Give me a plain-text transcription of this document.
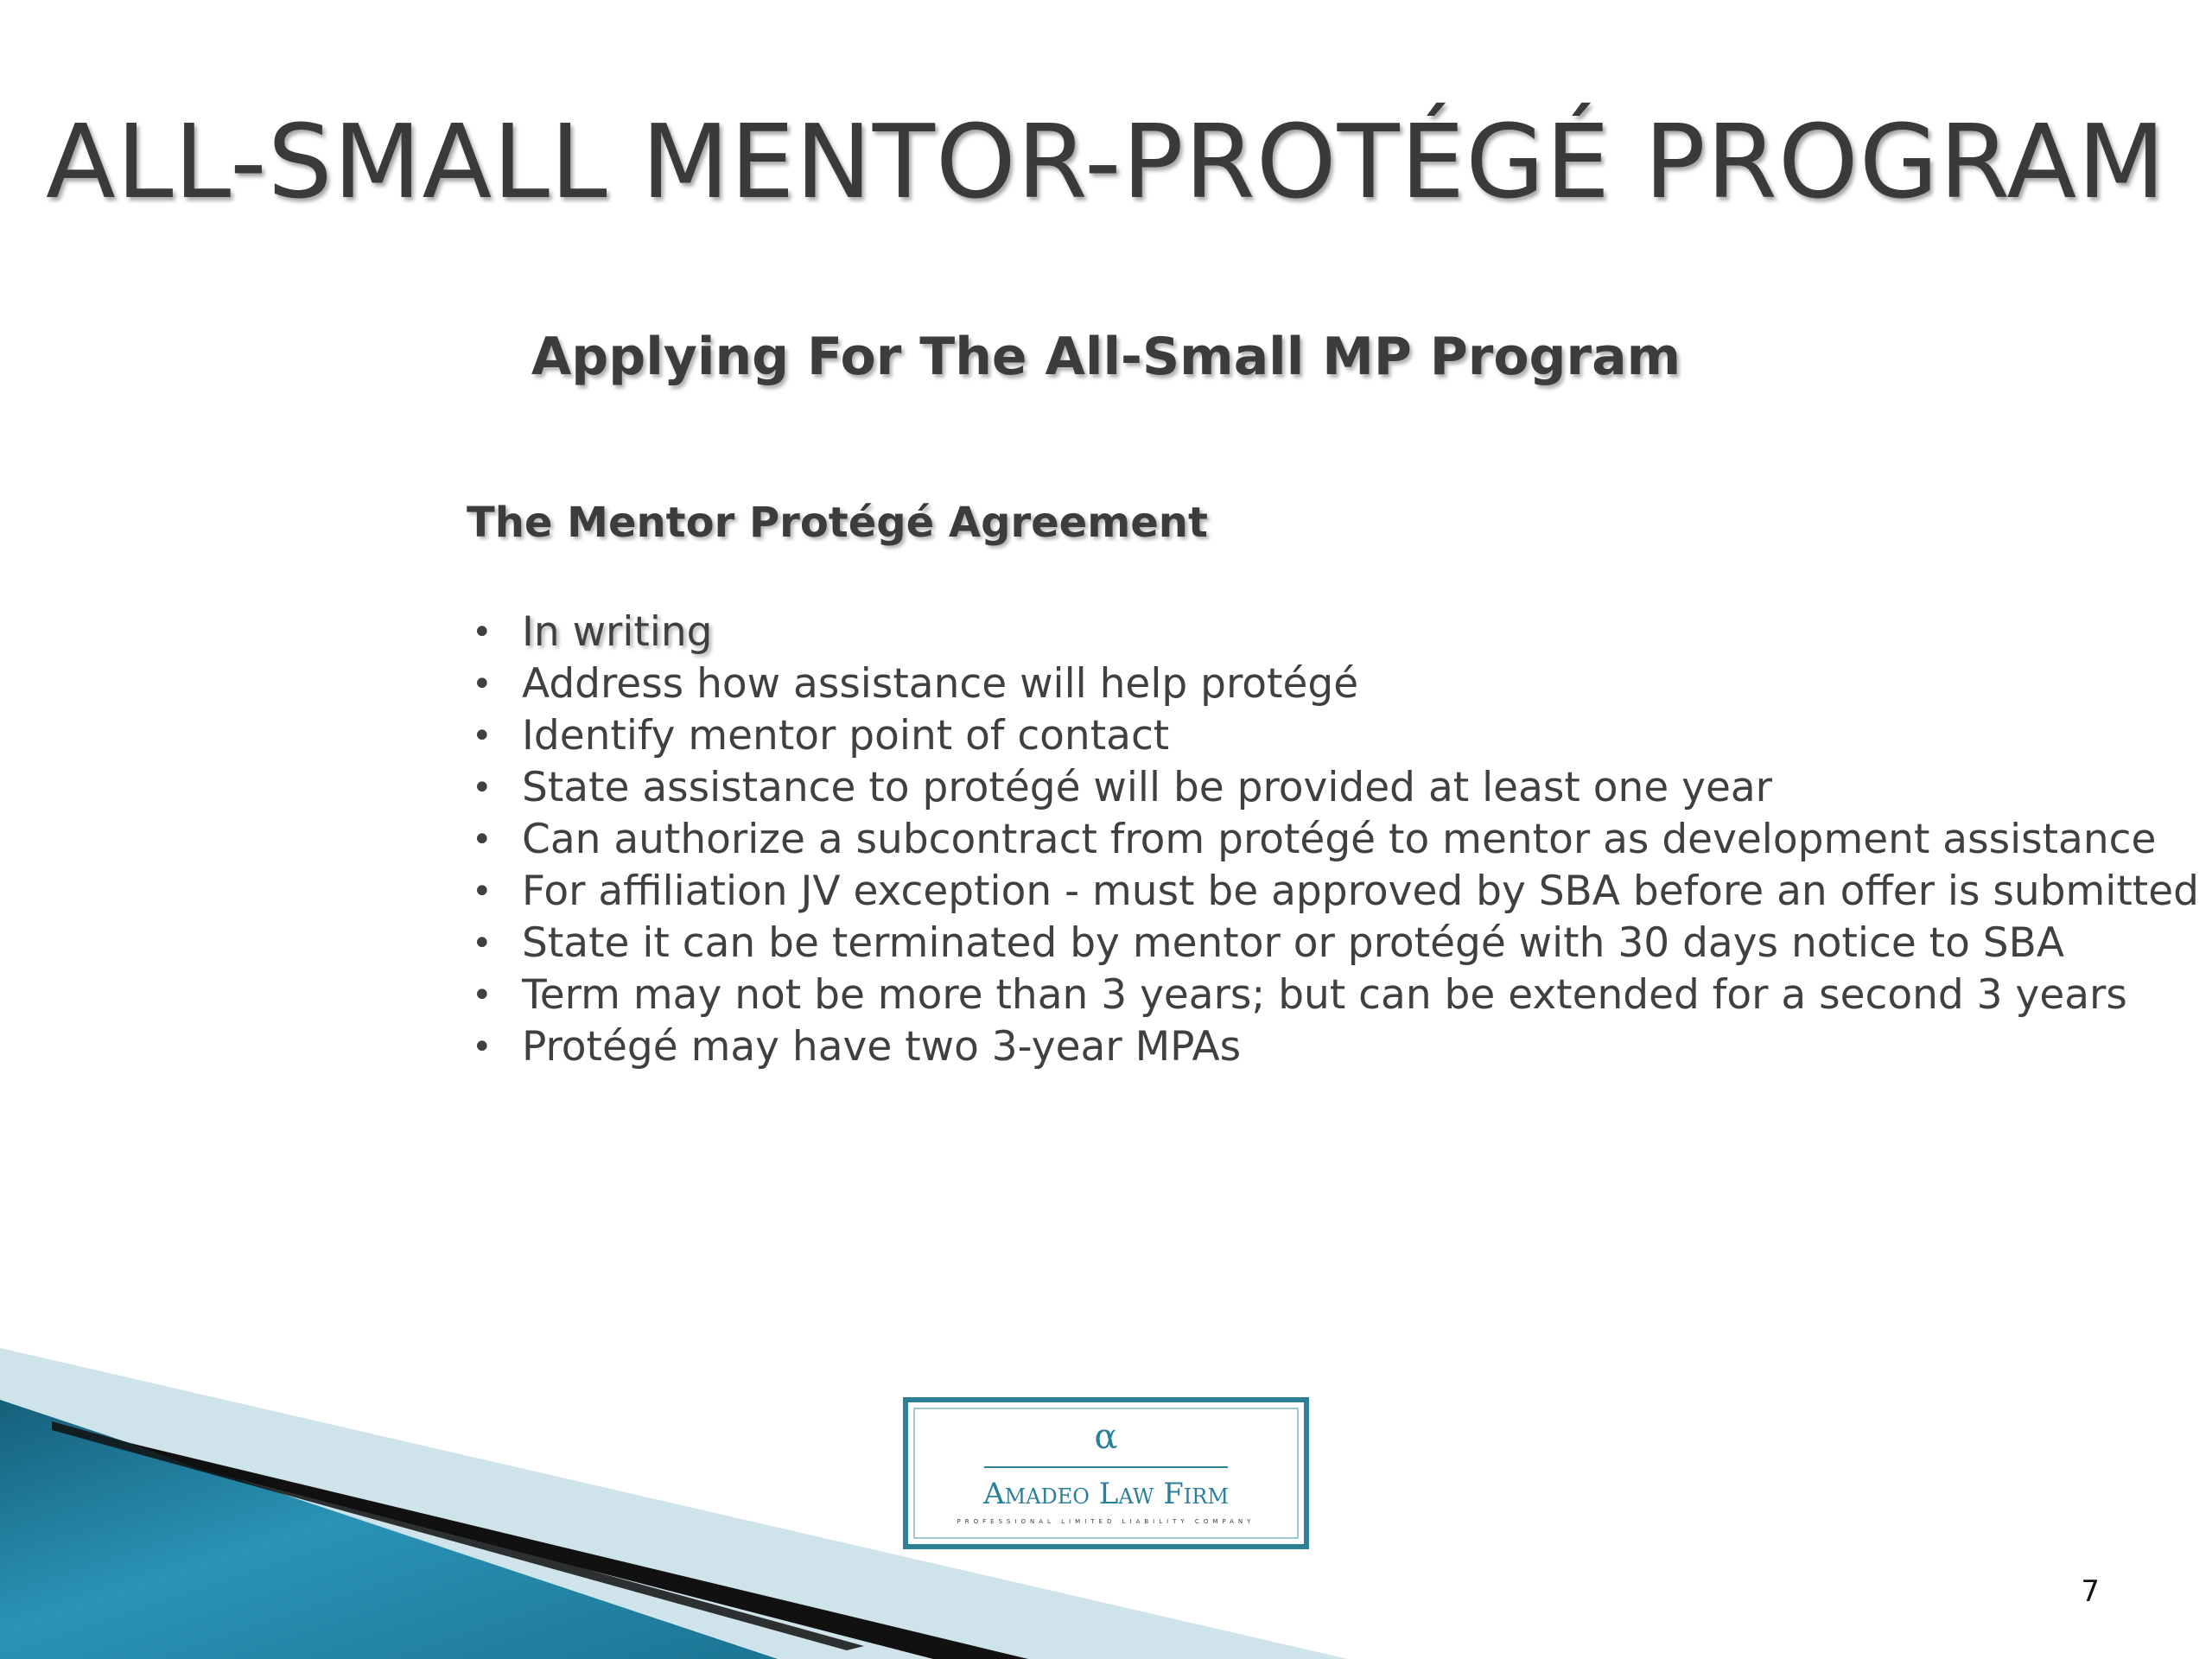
ALL-SMALL MENTOR-PROTÉGÉ PROGRAM
Applying For The All-Small MP Program
The Mentor Protégé Agreement
• In writing
• Address how assistance will help protégé
• Identify mentor point of contact
• State assistance to protégé will be provided at least one year
• Can authorize a subcontract from protégé to mentor as development assistance
• For affiliation JV exception - must be approved by SBA before an offer is submitted
• State it can be terminated by mentor or protégé with 30 days notice to SBA
• Term may not be more than 3 years; but can be extended for a second 3 years
• Protégé may have two 3-year MPAs
α
Amadeo Law Firm
PROFESSIONAL LIMITED LIABILITY COMPANY
7
